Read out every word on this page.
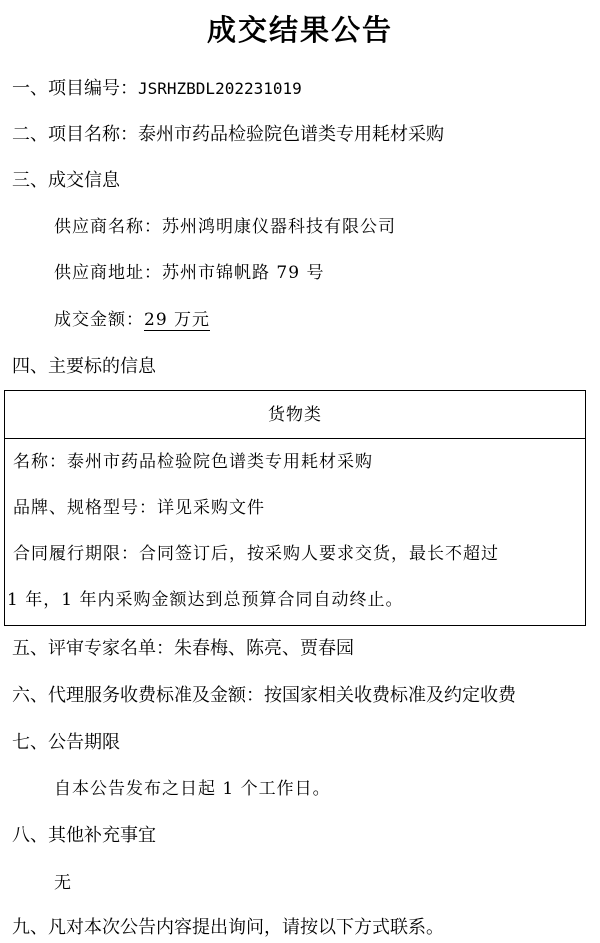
成交结果公告
一、项目编号：JSRHZBDL202231019
二、项目名称：泰州市药品检验院色谱类专用耗材采购
三、成交信息
供应商名称：苏州鸿明康仪器科技有限公司
供应商地址：苏州市锦帆路 79 号
成交金额：29 万元
四、主要标的信息
货物类
名称：泰州市药品检验院色谱类专用耗材采购
品牌、规格型号：详见采购文件
合同履行期限：合同签订后，按采购人要求交货，最长不超过
1 年，1 年内采购金额达到总预算合同自动终止。
五、评审专家名单：朱春梅、陈亮、贾春园
六、代理服务收费标准及金额：按国家相关收费标准及约定收费
七、公告期限
自本公告发布之日起 1 个工作日。
八、其他补充事宜
无
九、凡对本次公告内容提出询问，请按以下方式联系。
